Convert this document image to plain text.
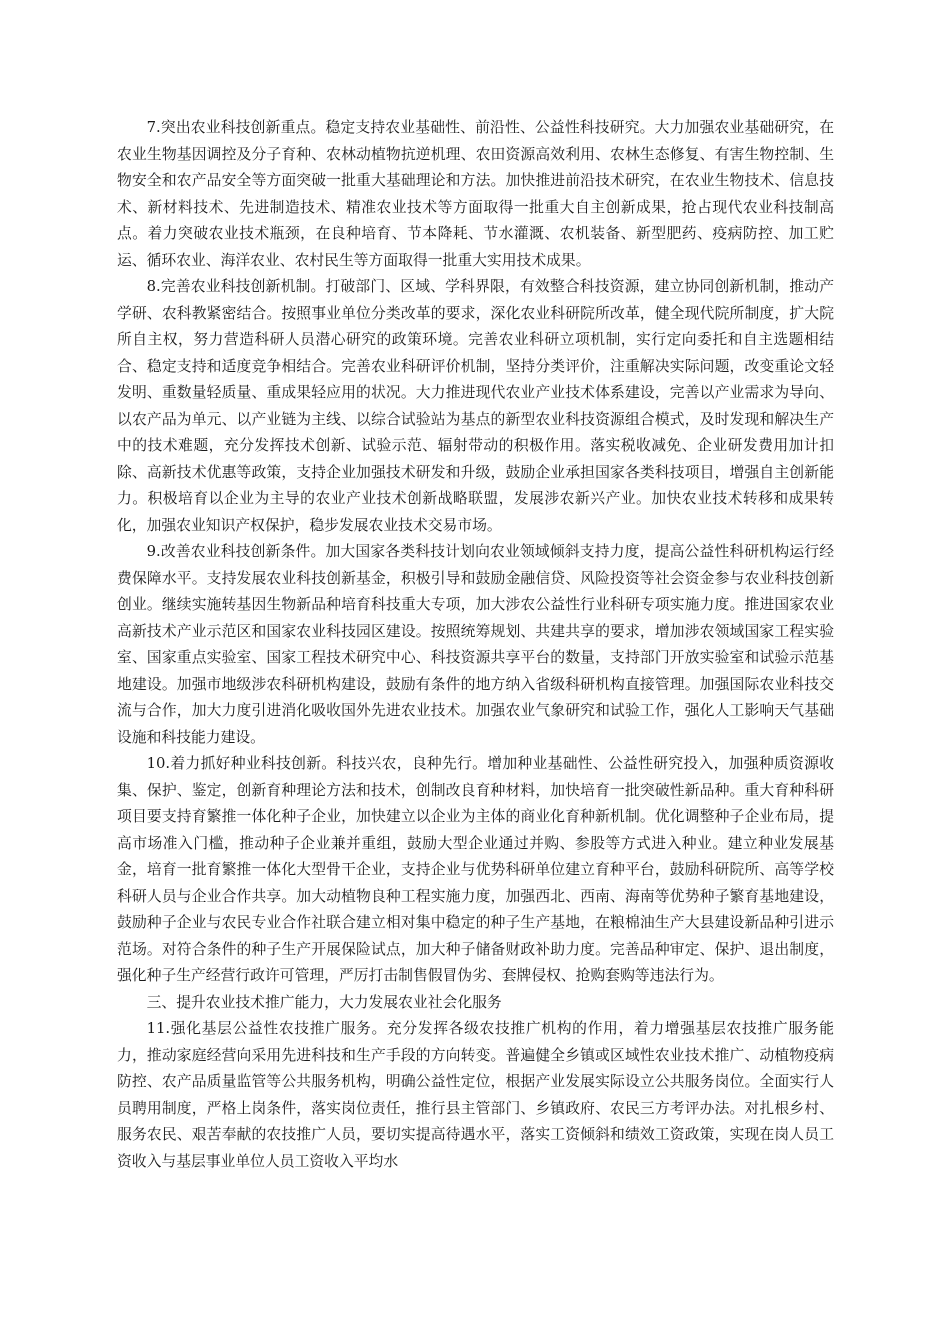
7.突出农业科技创新重点。稳定支持农业基础性、前沿性、公益性科技研究。大力加强农业基础研究，在农业生物基因调控及分子育种、农林动植物抗逆机理、农田资源高效利用、农林生态修复、有害生物控制、生物安全和农产品安全等方面突破一批重大基础理论和方法。加快推进前沿技术研究，在农业生物技术、信息技术、新材料技术、先进制造技术、精准农业技术等方面取得一批重大自主创新成果，抢占现代农业科技制高点。着力突破农业技术瓶颈，在良种培育、节本降耗、节水灌溉、农机装备、新型肥药、疫病防控、加工贮运、循环农业、海洋农业、农村民生等方面取得一批重大实用技术成果。

8.完善农业科技创新机制。打破部门、区域、学科界限，有效整合科技资源，建立协同创新机制，推动产学研、农科教紧密结合。按照事业单位分类改革的要求，深化农业科研院所改革，健全现代院所制度，扩大院所自主权，努力营造科研人员潜心研究的政策环境。完善农业科研立项机制，实行定向委托和自主选题相结合、稳定支持和适度竞争相结合。完善农业科研评价机制，坚持分类评价，注重解决实际问题，改变重论文轻发明、重数量轻质量、重成果轻应用的状况。大力推进现代农业产业技术体系建设，完善以产业需求为导向、以农产品为单元、以产业链为主线、以综合试验站为基点的新型农业科技资源组合模式，及时发现和解决生产中的技术难题，充分发挥技术创新、试验示范、辐射带动的积极作用。落实税收减免、企业研发费用加计扣除、高新技术优惠等政策，支持企业加强技术研发和升级，鼓励企业承担国家各类科技项目，增强自主创新能力。积极培育以企业为主导的农业产业技术创新战略联盟，发展涉农新兴产业。加快农业技术转移和成果转化，加强农业知识产权保护，稳步发展农业技术交易市场。

9.改善农业科技创新条件。加大国家各类科技计划向农业领域倾斜支持力度，提高公益性科研机构运行经费保障水平。支持发展农业科技创新基金，积极引导和鼓励金融信贷、风险投资等社会资金参与农业科技创新创业。继续实施转基因生物新品种培育科技重大专项，加大涉农公益性行业科研专项实施力度。推进国家农业高新技术产业示范区和国家农业科技园区建设。按照统筹规划、共建共享的要求，增加涉农领域国家工程实验室、国家重点实验室、国家工程技术研究中心、科技资源共享平台的数量，支持部门开放实验室和试验示范基地建设。加强市地级涉农科研机构建设，鼓励有条件的地方纳入省级科研机构直接管理。加强国际农业科技交流与合作，加大力度引进消化吸收国外先进农业技术。加强农业气象研究和试验工作，强化人工影响天气基础设施和科技能力建设。

10.着力抓好种业科技创新。科技兴农，良种先行。增加种业基础性、公益性研究投入，加强种质资源收集、保护、鉴定，创新育种理论方法和技术，创制改良育种材料，加快培育一批突破性新品种。重大育种科研项目要支持育繁推一体化种子企业，加快建立以企业为主体的商业化育种新机制。优化调整种子企业布局，提高市场准入门槛，推动种子企业兼并重组，鼓励大型企业通过并购、参股等方式进入种业。建立种业发展基金，培育一批育繁推一体化大型骨干企业，支持企业与优势科研单位建立育种平台，鼓励科研院所、高等学校科研人员与企业合作共享。加大动植物良种工程实施力度，加强西北、西南、海南等优势种子繁育基地建设，鼓励种子企业与农民专业合作社联合建立相对集中稳定的种子生产基地，在粮棉油生产大县建设新品种引进示范场。对符合条件的种子生产开展保险试点，加大种子储备财政补助力度。完善品种审定、保护、退出制度，强化种子生产经营行政许可管理，严厉打击制售假冒伪劣、套牌侵权、抢购套购等违法行为。

三、提升农业技术推广能力，大力发展农业社会化服务

11.强化基层公益性农技推广服务。充分发挥各级农技推广机构的作用，着力增强基层农技推广服务能力，推动家庭经营向采用先进科技和生产手段的方向转变。普遍健全乡镇或区域性农业技术推广、动植物疫病防控、农产品质量监管等公共服务机构，明确公益性定位，根据产业发展实际设立公共服务岗位。全面实行人员聘用制度，严格上岗条件，落实岗位责任，推行县主管部门、乡镇政府、农民三方考评办法。对扎根乡村、服务农民、艰苦奉献的农技推广人员，要切实提高待遇水平，落实工资倾斜和绩效工资政策，实现在岗人员工资收入与基层事业单位人员工资收入平均水
